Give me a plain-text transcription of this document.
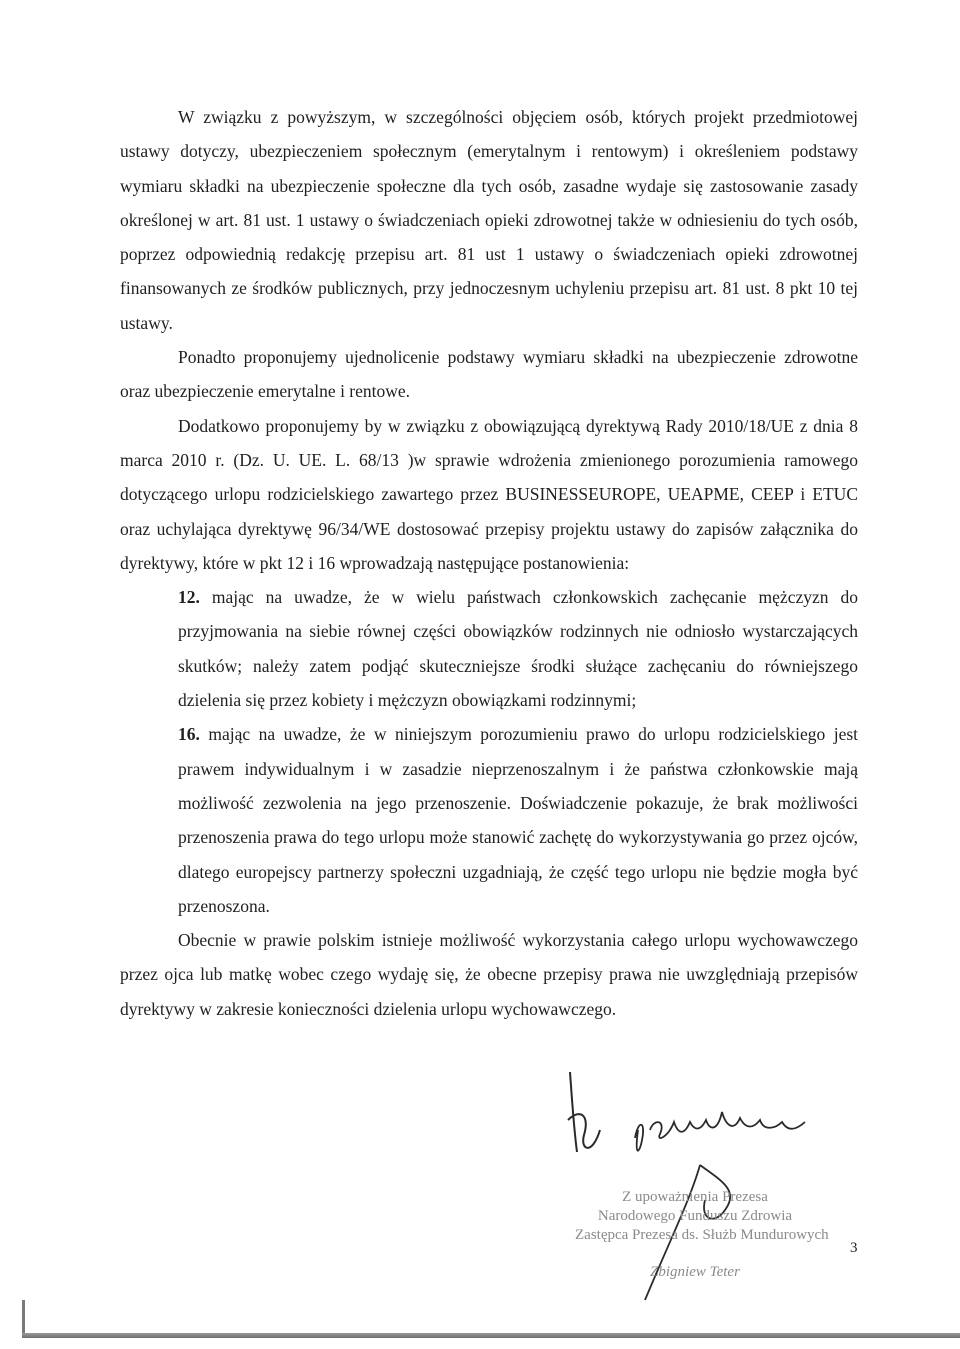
W związku z powyższym, w szczególności objęciem osób, których projekt przedmiotowej ustawy dotyczy, ubezpieczeniem społecznym (emerytalnym i rentowym) i określeniem podstawy wymiaru składki na ubezpieczenie społeczne dla tych osób, zasadne wydaje się zastosowanie zasady określonej w art. 81 ust. 1 ustawy o świadczeniach opieki zdrowotnej także w odniesieniu do tych osób, poprzez odpowiednią redakcję przepisu art. 81 ust 1 ustawy o świadczeniach opieki zdrowotnej finansowanych ze środków publicznych, przy jednoczesnym uchyleniu przepisu art. 81 ust. 8 pkt 10 tej ustawy.

Ponadto proponujemy ujednolicenie podstawy wymiaru składki na ubezpieczenie zdrowotne oraz ubezpieczenie emerytalne i rentowe.

Dodatkowo proponujemy by w związku z obowiązującą dyrektywą Rady 2010/18/UE z dnia 8 marca 2010 r. (Dz. U. UE. L. 68/13 )w sprawie wdrożenia zmienionego porozumienia ramowego dotyczącego urlopu rodzicielskiego zawartego przez BUSINESSEUROPE, UEAPME, CEEP i ETUC oraz uchylająca dyrektywę 96/34/WE dostosować przepisy projektu ustawy do zapisów załącznika do dyrektywy, które w pkt 12 i 16 wprowadzają następujące postanowienia:

12. mając na uwadze, że w wielu państwach członkowskich zachęcanie mężczyzn do przyjmowania na siebie równej części obowiązków rodzinnych nie odniosło wystarczających skutków; należy zatem podjąć skuteczniejsze środki służące zachęcaniu do równiejszego dzielenia się przez kobiety i mężczyzn obowiązkami rodzinnymi;

16. mając na uwadze, że w niniejszym porozumieniu prawo do urlopu rodzicielskiego jest prawem indywidualnym i w zasadzie nieprzenoszalnym i że państwa członkowskie mają możliwość zezwolenia na jego przenoszenie. Doświadczenie pokazuje, że brak możliwości przenoszenia prawa do tego urlopu może stanowić zachętę do wykorzystywania go przez ojców, dlatego europejscy partnerzy społeczni uzgadniają, że część tego urlopu nie będzie mogła być przenoszona.

Obecnie w prawie polskim istnieje możliwość wykorzystania całego urlopu wychowawczego przez ojca lub matkę wobec czego wydaję się, że obecne przepisy prawa nie uwzględniają przepisów dyrektywy w zakresie konieczności dzielenia urlopu wychowawczego.

Z upoważnienia Prezesa
Narodowego Funduszu Zdrowia
Zastępca Prezesa ds. Służb Mundurowych
Zbigniew Teter
3
